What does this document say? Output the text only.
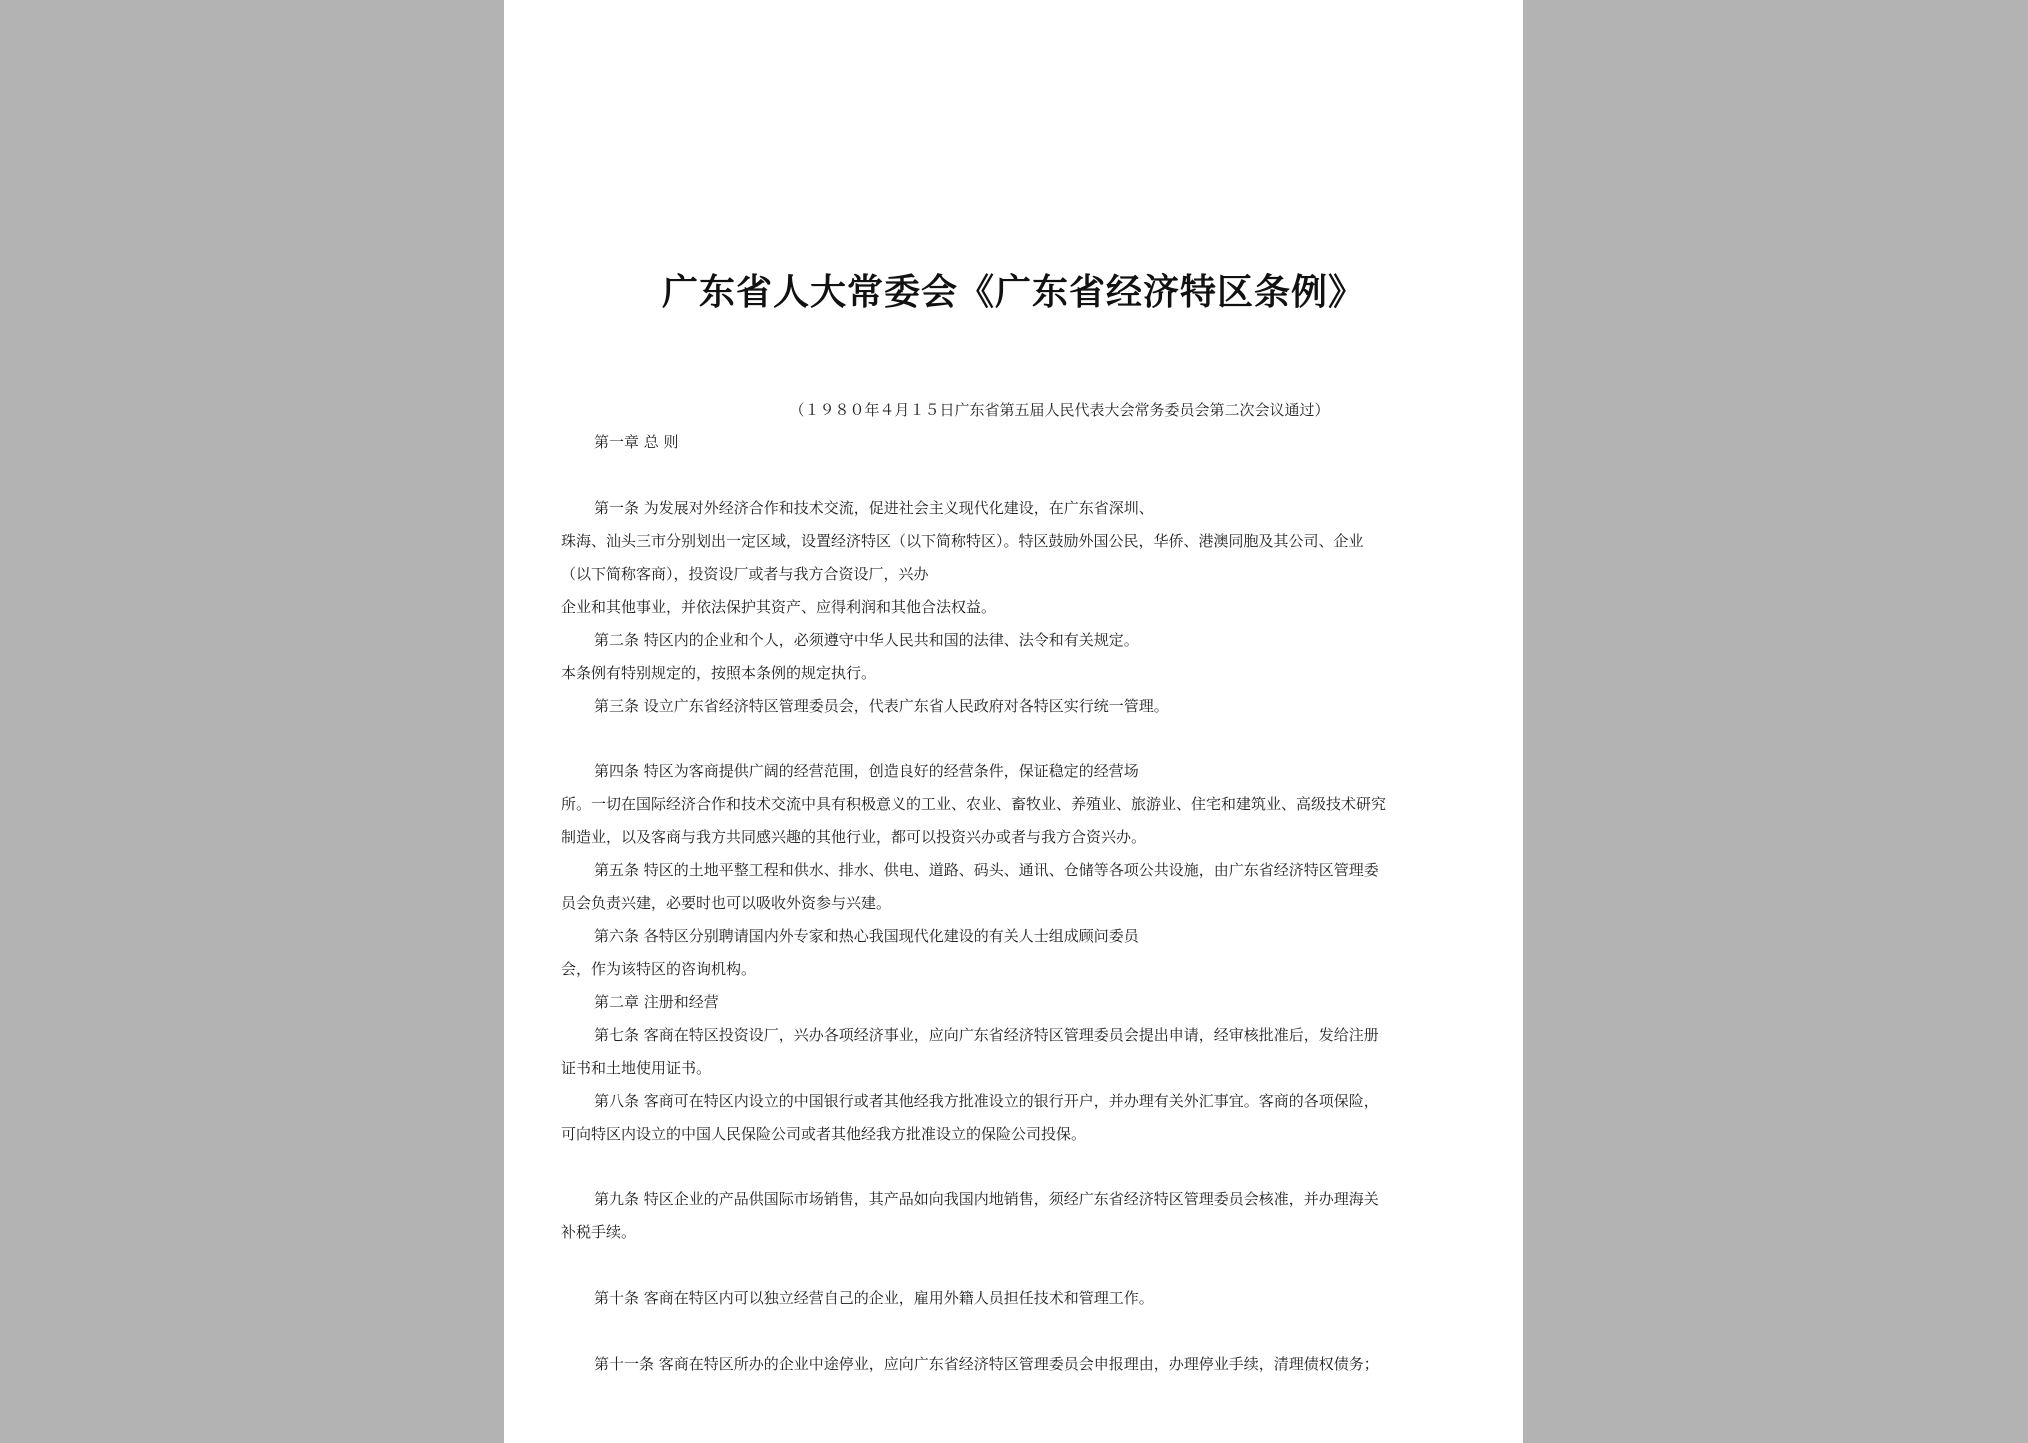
广东省人大常委会《广东省经济特区条例》
（１９８０年４月１５日广东省第五届人民代表大会常务委员会第二次会议通过）
第一章 总 则
第一条 为发展对外经济合作和技术交流，促进社会主义现代化建设，在广东省深圳、
珠海、汕头三市分别划出一定区域，设置经济特区（以下简称特区）。特区鼓励外国公民，华侨、港澳同胞及其公司、企业
（以下简称客商），投资设厂或者与我方合资设厂，兴办
企业和其他事业，并依法保护其资产、应得利润和其他合法权益。
第二条 特区内的企业和个人，必须遵守中华人民共和国的法律、法令和有关规定。
本条例有特别规定的，按照本条例的规定执行。
第三条 设立广东省经济特区管理委员会，代表广东省人民政府对各特区实行统一管理。
第四条 特区为客商提供广阔的经营范围，创造良好的经营条件，保证稳定的经营场
所。一切在国际经济合作和技术交流中具有积极意义的工业、农业、畜牧业、养殖业、旅游业、住宅和建筑业、高级技术研究
制造业，以及客商与我方共同感兴趣的其他行业，都可以投资兴办或者与我方合资兴办。
第五条 特区的土地平整工程和供水、排水、供电、道路、码头、通讯、仓储等各项公共设施，由广东省经济特区管理委
员会负责兴建，必要时也可以吸收外资参与兴建。
第六条 各特区分别聘请国内外专家和热心我国现代化建设的有关人士组成顾问委员
会，作为该特区的咨询机构。
第二章 注册和经营
第七条 客商在特区投资设厂，兴办各项经济事业，应向广东省经济特区管理委员会提出申请，经审核批准后，发给注册
证书和土地使用证书。
第八条 客商可在特区内设立的中国银行或者其他经我方批准设立的银行开户，并办理有关外汇事宜。客商的各项保险，
可向特区内设立的中国人民保险公司或者其他经我方批准设立的保险公司投保。
第九条 特区企业的产品供国际市场销售，其产品如向我国内地销售，须经广东省经济特区管理委员会核准，并办理海关
补税手续。
第十条 客商在特区内可以独立经营自己的企业，雇用外籍人员担任技术和管理工作。
第十一条 客商在特区所办的企业中途停业，应向广东省经济特区管理委员会申报理由，办理停业手续，清理债权债务；
